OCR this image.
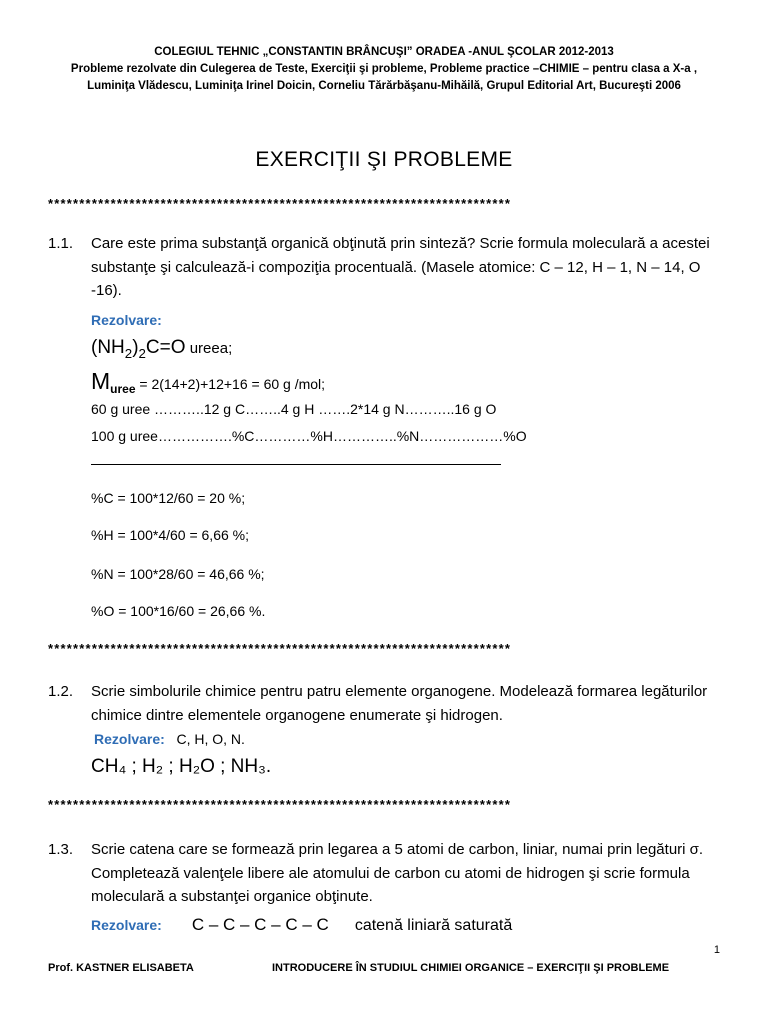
COLEGIUL TEHNIC „CONSTANTIN BRÂNCUŞI” ORADEA -ANUL ŞCOLAR 2012-2013
Probleme rezolvate din Culegerea de Teste, Exerciţii şi probleme, Probleme practice –CHIMIE – pentru clasa a X-a ,
Luminiţa Vlădescu, Luminiţa Irinel Doicin, Corneliu Tărărbăşanu-Mihăilă, Grupul Editorial Art, Bucureşti 2006
EXERCIŢII ŞI PROBLEME
**************************************************************************
1.1. Care este prima substanţă organică obţinută prin sinteză? Scrie formula moleculară a acestei substanţe şi calculează-i compoziţia procentuală. (Masele atomice: C – 12, H – 1, N – 14, O -16).
Rezolvare:
$(NH_2)_2C=O$ ureea;
$M_{uree} = 2(14+2)+12+16 = 60$ g /mol;
60 g uree ………..12 g C……..4 g H …….2*14 g N………..16 g O
100 g uree…………….%C…………%H…………..%N………………%O
%C = 100*12/60 = 20 %;
%H = 100*4/60 = 6,66 %;
%N = 100*28/60 = 46,66 %;
%O = 100*16/60 = 26,66 %.
**************************************************************************
1.2. Scrie simbolurile chimice pentru patru elemente organogene. Modelează formarea legăturilor chimice dintre elementele organogene enumerate şi hidrogen.
Rezolvare: C, H, O, N.
CH₄ ; H₂ ; H₂O ; NH₃.
**************************************************************************
1.3. Scrie catena care se formează prin legarea a 5 atomi de carbon, liniar, numai prin legături σ. Completează valenţele libere ale atomului de carbon cu atomi de hidrogen şi scrie formula moleculară a substanţei organice obţinute.
Rezolvare: C – C – C – C – C catenă liniară saturată
1
Prof. KASTNER ELISABETA	INTRODUCERE ÎN STUDIUL CHIMIEI ORGANICE – EXERCIŢII ŞI PROBLEME
